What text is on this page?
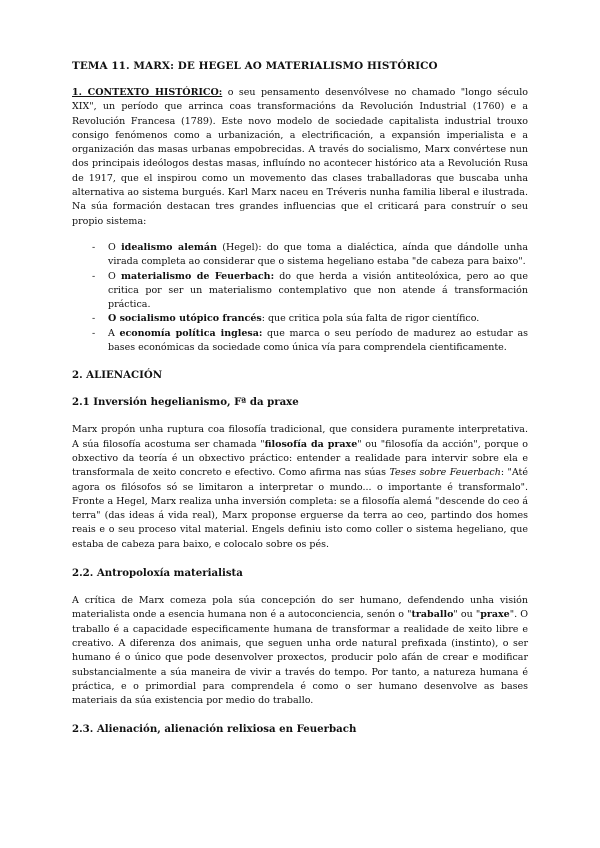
TEMA 11. MARX: DE HEGEL AO MATERIALISMO HISTÓRICO

1. CONTEXTO HISTÓRICO: o seu pensamento desenvólvese no chamado "longo século XIX", un período que arrinca coas transformacións da Revolución Industrial (1760) e a Revolución Francesa (1789). Este novo modelo de sociedade capitalista industrial trouxo consigo fenómenos como a urbanización, a electrificación, a expansión imperialista e a organización das masas urbanas empobrecidas. A través do socialismo, Marx convértese nun dos principais ideólogos destas masas, influíndo no acontecer histórico ata a Revolución Rusa de 1917, que el inspirou como un movemento das clases traballadoras que buscaba unha alternativa ao sistema burgués. Karl Marx naceu en Tréveris nunha familia liberal e ilustrada. Na súa formación destacan tres grandes influencias que el criticará para construír o seu propio sistema:

- O idealismo alemán (Hegel): do que toma a dialéctica, aínda que dándolle unha virada completa ao considerar que o sistema hegeliano estaba "de cabeza para baixo".
- O materialismo de Feuerbach: do que herda a visión antiteolóxica, pero ao que critica por ser un materialismo contemplativo que non atende á transformación práctica.
- O socialismo utópico francés: que critica pola súa falta de rigor científico.
- A economía política inglesa: que marca o seu período de madurez ao estudar as bases económicas da sociedade como única vía para comprendela cientificamente.
2. ALIENACIÓN
2.1 Inversión hegelianismo, Fª da praxe

Marx propón unha ruptura coa filosofía tradicional, que considera puramente interpretativa. A súa filosofía acostuma ser chamada "filosofía da praxe" ou "filosofía da acción", porque o obxectivo da teoría é un obxectivo práctico: entender a realidade para intervir sobre ela e transformala de xeito concreto e efectivo. Como afirma nas súas Teses sobre Feuerbach: "Até agora os filósofos só se limitaron a interpretar o mundo... o importante é transformalo". Fronte a Hegel, Marx realiza unha inversión completa: se a filosofía alemá "descende do ceo á terra" (das ideas á vida real), Marx proponse erguerse da terra ao ceo, partindo dos homes reais e o seu proceso vital material. Engels definiu isto como coller o sistema hegeliano, que estaba de cabeza para baixo, e colocalo sobre os pés.

2.2. Antropoloxía materialista

A crítica de Marx comeza pola súa concepción do ser humano, defendendo unha visión materialista onde a esencia humana non é a autoconciencia, senón o "traballo" ou "praxe". O traballo é a capacidade especificamente humana de transformar a realidade de xeito libre e creativo. A diferenza dos animais, que seguen unha orde natural prefixada (instinto), o ser humano é o único que pode desenvolver proxectos, producir polo afán de crear e modificar substancialmente a súa maneira de vivir a través do tempo. Por tanto, a natureza humana é práctica, e o primordial para comprendela é como o ser humano desenvolve as bases materiais da súa existencia por medio do traballo.

2.3. Alienación, alienación relixiosa en Feuerbach
